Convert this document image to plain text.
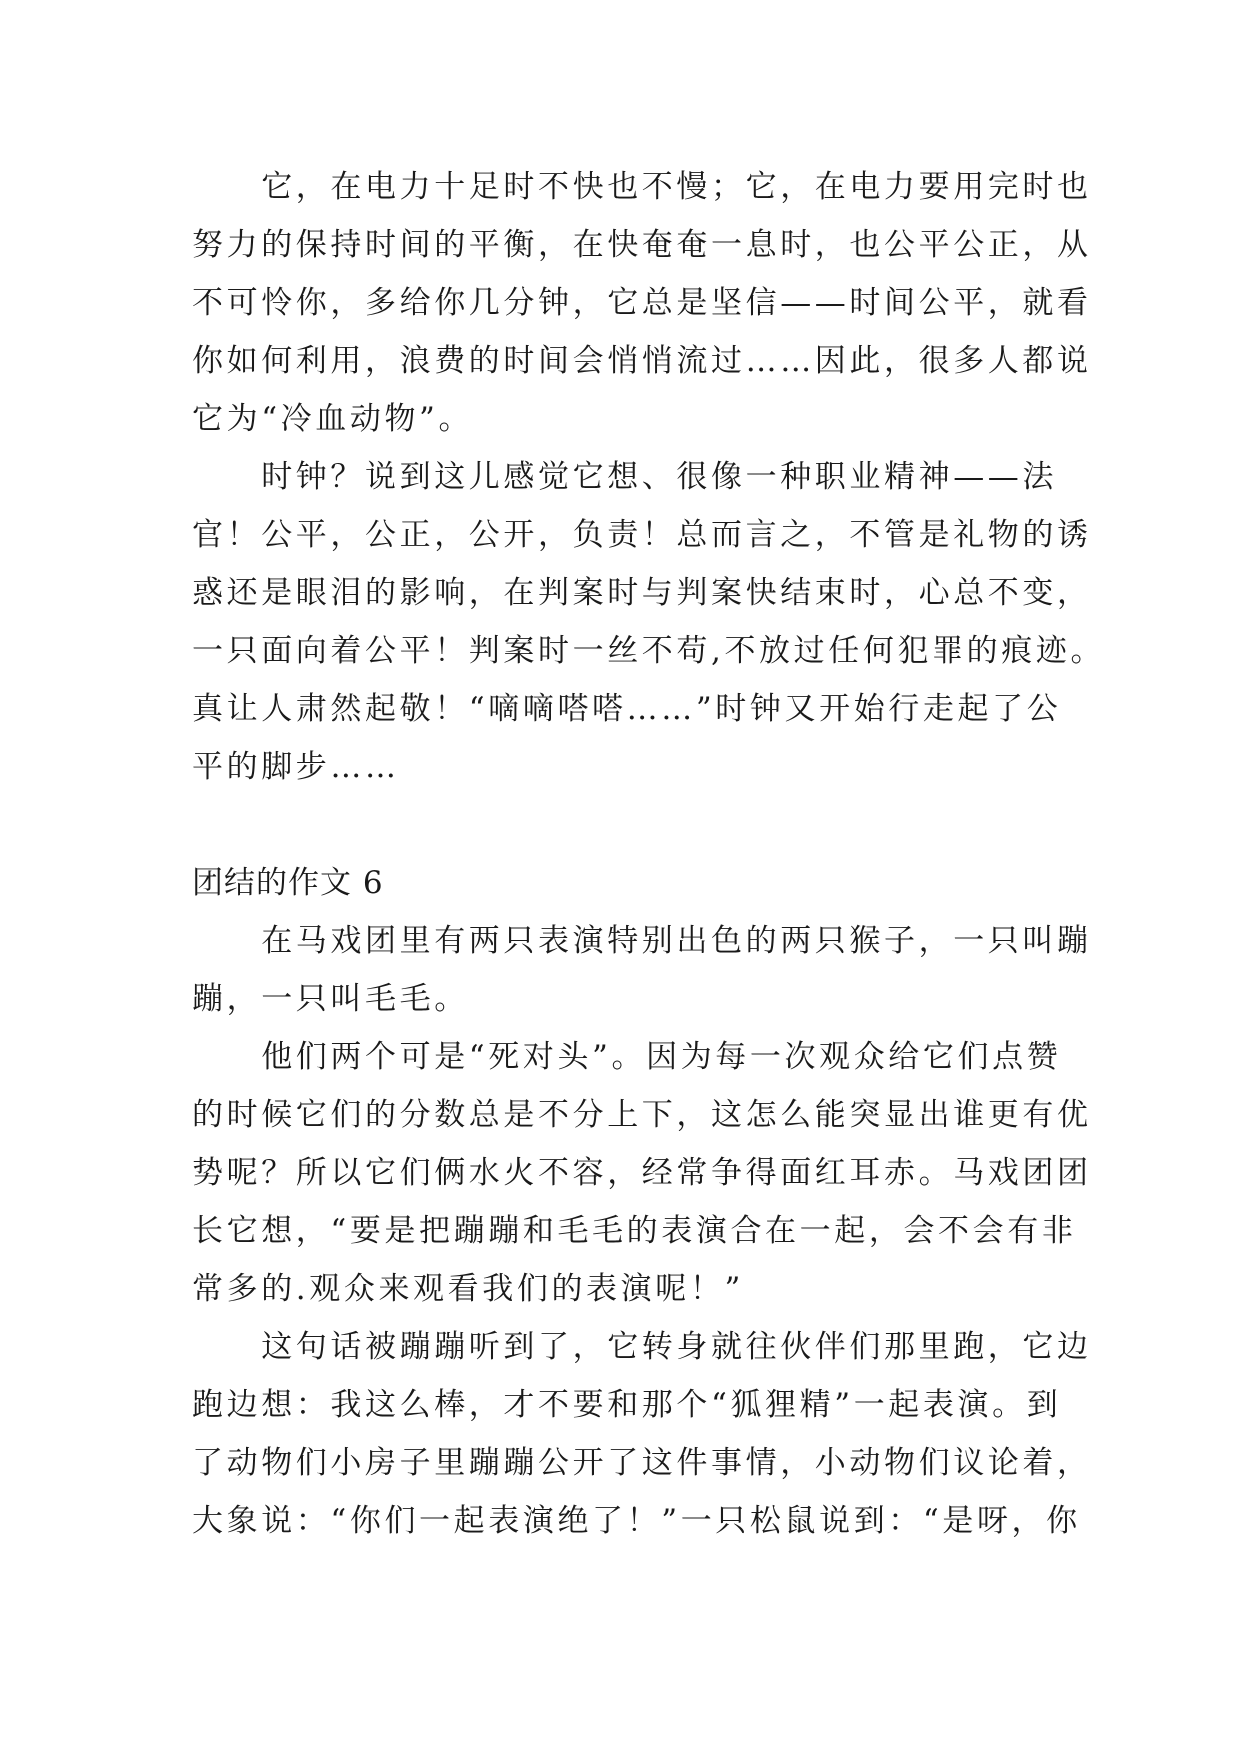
　　它，在电力十足时不快也不慢；它，在电力要用完时也
努力的保持时间的平衡，在快奄奄一息时，也公平公正，从
不可怜你，多给你几分钟，它总是坚信——时间公平，就看
你如何利用，浪费的时间会悄悄流过……因此，很多人都说
它为“冷血动物”。
　　时钟？说到这儿感觉它想、很像一种职业精神——法
官！公平，公正，公开，负责！总而言之，不管是礼物的诱
惑还是眼泪的影响，在判案时与判案快结束时，心总不变，
一只面向着公平！判案时一丝不苟,不放过任何犯罪的痕迹。
真让人肃然起敬！“嘀嘀嗒嗒……”时钟又开始行走起了公
平的脚步……
团结的作文 6
　　在马戏团里有两只表演特别出色的两只猴子，一只叫蹦
蹦，一只叫毛毛。
　　他们两个可是“死对头”。因为每一次观众给它们点赞
的时候它们的分数总是不分上下，这怎么能突显出谁更有优
势呢？所以它们俩水火不容，经常争得面红耳赤。马戏团团
长它想，“要是把蹦蹦和毛毛的表演合在一起，会不会有非
常多的.观众来观看我们的表演呢！”
　　这句话被蹦蹦听到了，它转身就往伙伴们那里跑，它边
跑边想：我这么棒，才不要和那个“狐狸精”一起表演。到
了动物们小房子里蹦蹦公开了这件事情，小动物们议论着，
大象说：“你们一起表演绝了！”一只松鼠说到：“是呀，你
